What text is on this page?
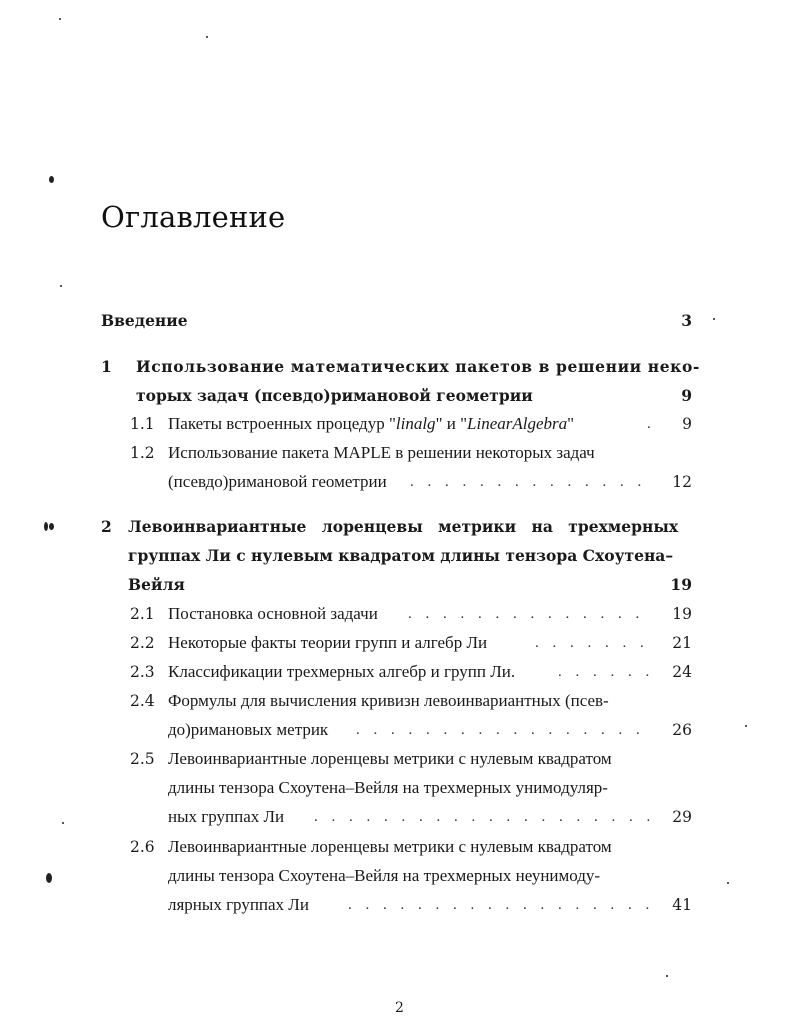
Оглавление
Введение	3
1 Использование математических пакетов в решении неко-
торых задач (псевдо)римановой геометрии	9
1.1 Пакеты встроенных процедур "linalg" и "LinearAlgebra"	. 9
1.2 Использование пакета MAPLE в решении некоторых задач
(псевдо)римановой геометрии . . . . . . . . . . . . . .	12
2 Левоинвариантные лоренцевы метрики на трехмерных
группах Ли с нулевым квадратом длины тензора Схоутена–
Вейля	19
2.1 Постановка основной задачи . . . . . . . . . . . . . .	19
2.2 Некоторые факты теории групп и алгебр Ли	. . . . . . .	21
2.3 Классификации трехмерных алгебр и групп Ли.	. . . . . . 24
2.4 Формулы для вычисления кривизн левоинвариантных (псев-
до)римановых метрик . . . . . . . . . . . . . . . . .	26
2.5 Левоинвариантные лоренцевы метрики с нулевым квадратом
длины тензора Схоутена–Вейля на трехмерных унимодуляр-
ных группах Ли . . . . . . . . . . . . . . . . . . . . 29
2.6 Левоинвариантные лоренцевы метрики с нулевым квадратом
длины тензора Схоутена–Вейля на трехмерных неунимоду-
лярных группах Ли	. . . . . . . . . . . . . . . . . . 41
2
